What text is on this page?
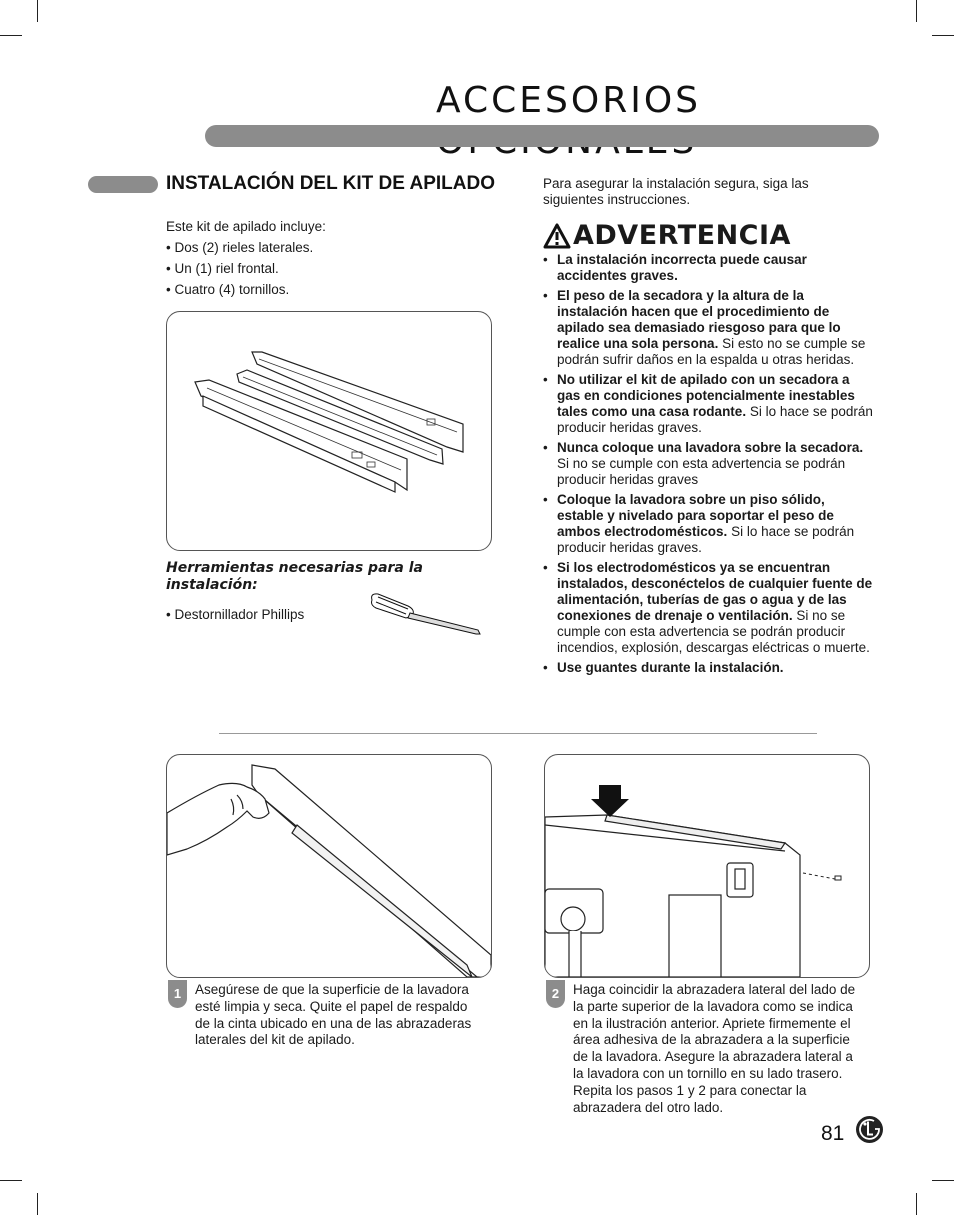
ACCESORIOS
INSTALACIÓN DEL KIT DE APILADO
Este kit de apilado incluye:
• Dos (2) rieles laterales.
• Un (1) riel frontal.
• Cuatro (4) tornillos.
Herramientas necesarias para la instalación:
• Destornillador Phillips
Para asegurar la instalación segura, siga las siguientes instrucciones.
ADVERTENCIA
• La instalación incorrecta puede causar accidentes graves.
• El peso de la secadora y la altura de la instalación hacen que el procedimiento de apilado sea demasiado riesgoso para que lo realice una sola persona. Si esto no se cumple se podrán sufrir daños en la espalda u otras heridas.
• No utilizar el kit de apilado con un secadora a gas en condiciones potencialmente inestables tales como una casa rodante. Si lo hace se podrán producir heridas graves.
• Nunca coloque una lavadora sobre la secadora. Si no se cumple con esta advertencia se podrán producir heridas graves
• Coloque la lavadora sobre un piso sólido, estable y nivelado para soportar el peso de ambos electrodomésticos. Si lo hace se podrán producir heridas graves.
• Si los electrodomésticos ya se encuentran instalados, desconéctelos de cualquier fuente de alimentación, tuberías de gas o agua y de las conexiones de drenaje o ventilación. Si no se cumple con esta advertencia se podrán producir incendios, explosión, descargas eléctricas o muerte.
• Use guantes durante la instalación.
1	Asegúrese de que la superficie de la lavadora esté limpia y seca. Quite el papel de respaldo de la cinta ubicado en una de las abrazaderas laterales del kit de apilado.
2	Haga coincidir la abrazadera lateral del lado de la parte superior de la lavadora como se indica en la ilustración anterior. Apriete firmemente el área adhesiva de la abrazadera a la superficie de la lavadora. Asegure la abrazadera lateral a la lavadora con un tornillo en su lado trasero. Repita los pasos 1 y 2 para conectar la abrazadera del otro lado.
81
